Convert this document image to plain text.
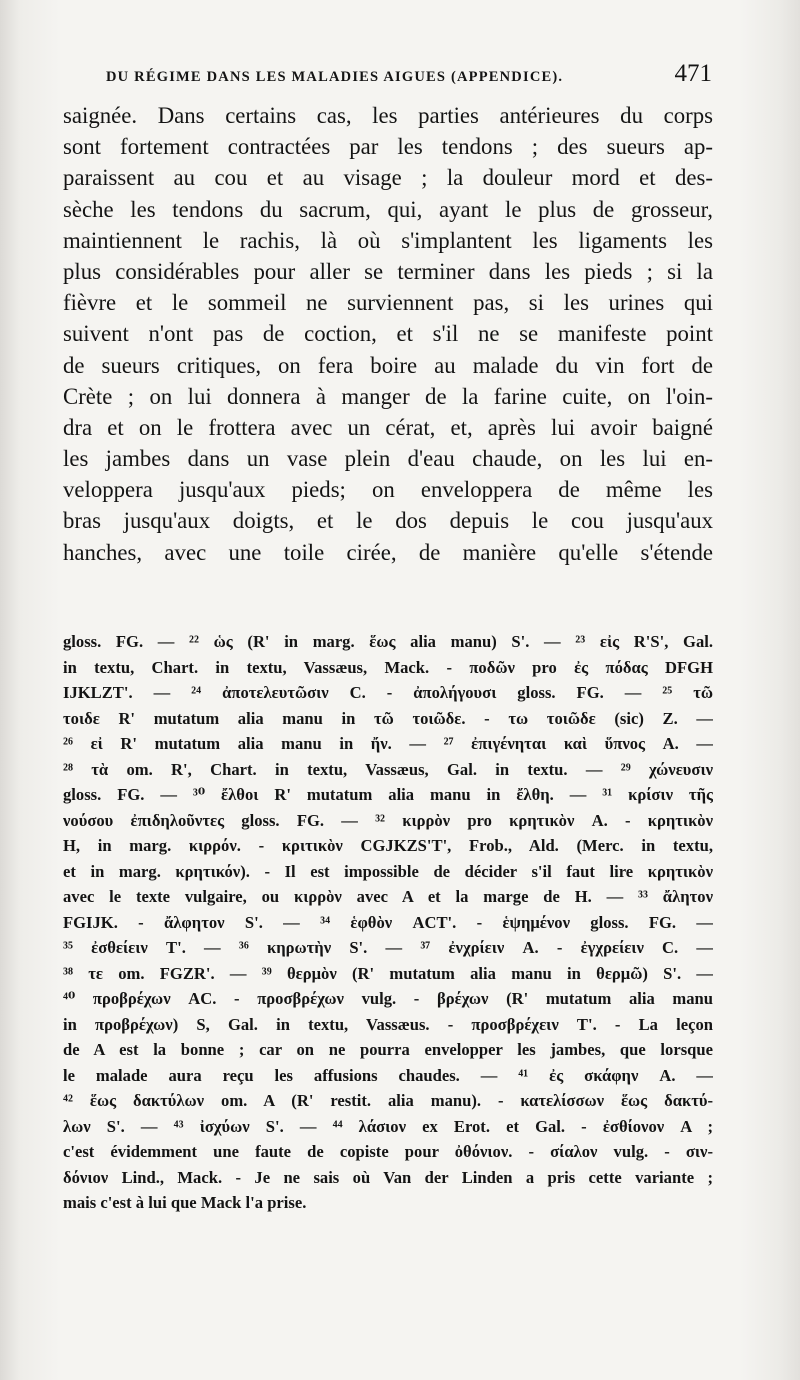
DU RÉGIME DANS LES MALADIES AIGUES (APPENDICE).	471
saignée. Dans certains cas, les parties antérieures du corps
sont fortement contractées par les tendons ; des sueurs ap-
paraissent au cou et au visage ; la douleur mord et des-
sèche les tendons du sacrum, qui, ayant le plus de grosseur,
maintiennent le rachis, là où s'implantent les ligaments les
plus considérables pour aller se terminer dans les pieds ; si la
fièvre et le sommeil ne surviennent pas, si les urines qui
suivent n'ont pas de coction, et s'il ne se manifeste point
de sueurs critiques, on fera boire au malade du vin fort de
Crète ; on lui donnera à manger de la farine cuite, on l'oin-
dra et on le frottera avec un cérat, et, après lui avoir baigné
les jambes dans un vase plein d'eau chaude, on les lui en-
veloppera jusqu'aux pieds; on enveloppera de même les
bras jusqu'aux doigts, et le dos depuis le cou jusqu'aux
hanches, avec une toile cirée, de manière qu'elle s'étende
gloss. FG. — ²² ὡς (R' in marg. ἕως alia manu) S'. — ²³ εἰς R'S', Gal.
in textu, Chart. in textu, Vassæus, Mack. - ποδῶν pro ἐς πόδας DFGH
IJKLZT'. — ²⁴ ἀποτελευτῶσιν C. - ἀπολήγουσι gloss. FG. — ²⁵ τῶ
τοιδε R' mutatum alia manu in τῶ τοιῶδε. - τω τοιῶδε (sic) Z. —
²⁶ εἰ R' mutatum alia manu in ἤν. — ²⁷ ἐπιγένηται καὶ ὕπνος A. —
²⁸ τὰ om. R', Chart. in textu, Vassæus, Gal. in textu. — ²⁹ χώνευσιν
gloss. FG. — ³⁰ ἔλθοι R' mutatum alia manu in ἔλθη. — ³¹ κρίσιν τῆς
νούσου ἐπιδηλοῦντες gloss. FG. — ³² κιρρὸν pro κρητικὸν A. - κρητικὸν
H, in marg. κιρρόν. - κριτικὸν CGJKZS'T', Frob., Ald. (Merc. in textu,
et in marg. κρητικόν). - Il est impossible de décider s'il faut lire κρητικὸν
avec le texte vulgaire, ou κιρρὸν avec A et la marge de H. — ³³ ἄλητον
FGIJK. - ἄλφητον S'. — ³⁴ ἑφθὸν ACT'. - ἑψημένον gloss. FG. —
³⁵ ἐσθείειν T'. — ³⁶ κηρωτὴν S'. — ³⁷ ἐνχρίειν A. - ἐγχρείειν C. —
³⁸ τε om. FGZR'. — ³⁹ θερμὸν (R' mutatum alia manu in θερμῶ) S'. —
⁴⁰ προβρέχων AC. - προσβρέχων vulg. - βρέχων (R' mutatum alia manu
in προβρέχων) S, Gal. in textu, Vassæus. - προσβρέχειν T'. - La leçon
de A est la bonne ; car on ne pourra envelopper les jambes, que lorsque
le malade aura reçu les affusions chaudes. — ⁴¹ ἐς σκάφην A. —
⁴² ἕως δακτύλων om. A (R' restit. alia manu). - κατελίσσων ἕως δακτύ-
λων S'. — ⁴³ ἰσχύων S'. — ⁴⁴ λάσιον ex Erot. et Gal. - ἐσθίονον A ;
c'est évidemment une faute de copiste pour ὀθόνιον. - σίαλον vulg. - σιν-
δόνιον Lind., Mack. - Je ne sais où Van der Linden a pris cette variante ;
mais c'est à lui que Mack l'a prise.
